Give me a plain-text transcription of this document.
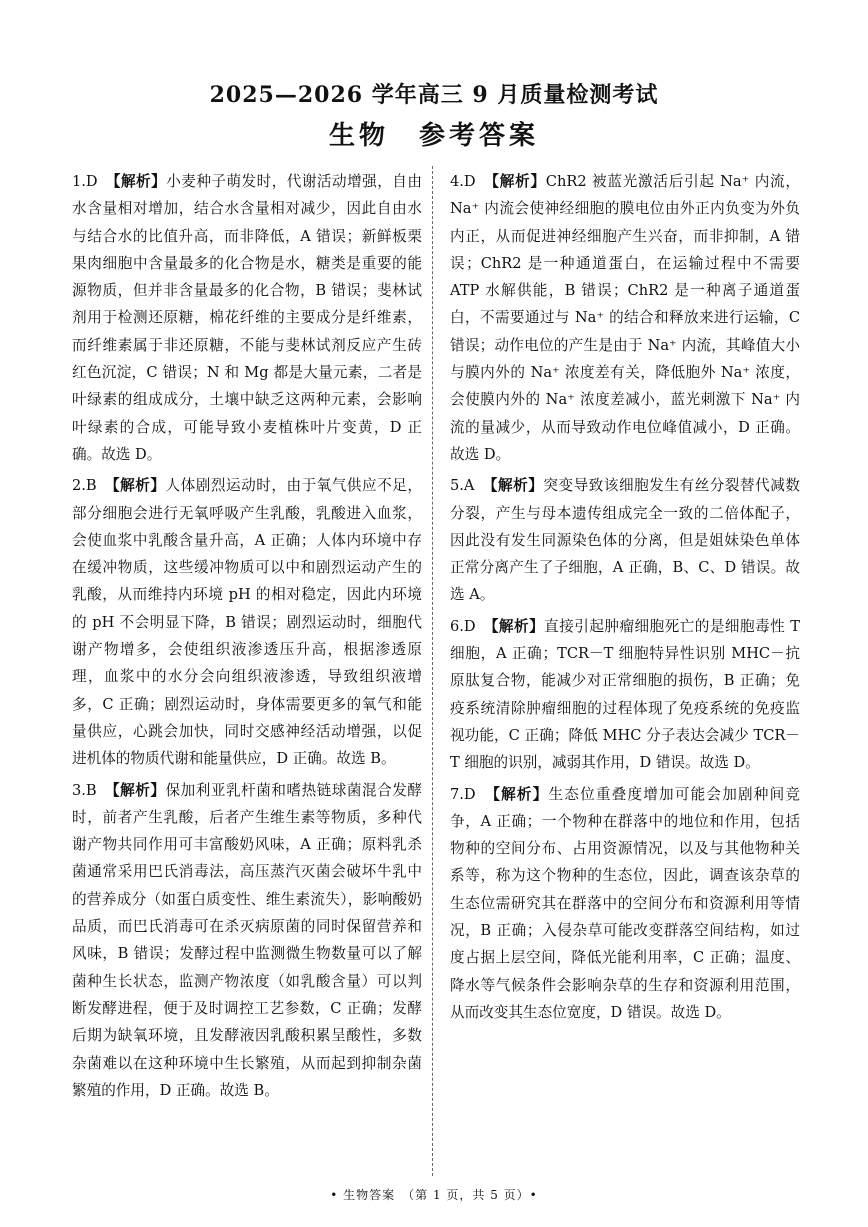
2025—2026 学年高三 9 月质量检测考试
生物　参考答案

1.D　 【解析】小麦种子萌发时，代谢活动增强，自由水含量相对增加，结合水含量相对减少，因此自由水与结合水的比值升高，而非降低，A 错误；新鲜板栗果肉细胞中含量最多的化合物是水，糖类是重要的能源物质，但并非含量最多的化合物，B 错误；斐林试剂用于检测还原糖，棉花纤维的主要成分是纤维素，而纤维素属于非还原糖，不能与斐林试剂反应产生砖红色沉淀，C 错误；N 和 Mg 都是大量元素，二者是叶绿素的组成成分，土壤中缺乏这两种元素，会影响叶绿素的合成，可能导致小麦植株叶片变黄，D 正确。故选 D。

2.B　 【解析】人体剧烈运动时，由于氧气供应不足，部分细胞会进行无氧呼吸产生乳酸，乳酸进入血浆，会使血浆中乳酸含量升高，A 正确；人体内环境中存在缓冲物质，这些缓冲物质可以中和剧烈运动产生的乳酸，从而维持内环境 pH 的相对稳定，因此内环境的 pH 不会明显下降，B 错误；剧烈运动时，细胞代谢产物增多，会使组织液渗透压升高，根据渗透原理，血浆中的水分会向组织液渗透，导致组织液增多，C 正确；剧烈运动时，身体需要更多的氧气和能量供应，心跳会加快，同时交感神经活动增强，以促进机体的物质代谢和能量供应，D 正确。故选 B。

3.B　 【解析】保加利亚乳杆菌和嗜热链球菌混合发酵时，前者产生乳酸，后者产生维生素等物质，多种代谢产物共同作用可丰富酸奶风味，A 正确；原料乳杀菌通常采用巴氏消毒法，高压蒸汽灭菌会破坏牛乳中的营养成分（如蛋白质变性、维生素流失），影响酸奶品质，而巴氏消毒可在杀灭病原菌的同时保留营养和风味，B 错误；发酵过程中监测微生物数量可以了解菌种生长状态，监测产物浓度（如乳酸含量）可以判断发酵进程，便于及时调控工艺参数，C 正确；发酵后期为缺氧环境，且发酵液因乳酸积累呈酸性，多数杂菌难以在这种环境中生长繁殖，从而起到抑制杂菌繁殖的作用，D 正确。故选 B。

4.D　 【解析】ChR2 被蓝光激活后引起 Na⁺ 内流，Na⁺ 内流会使神经细胞的膜电位由外正内负变为外负内正，从而促进神经细胞产生兴奋，而非抑制，A 错误；ChR2 是一种通道蛋白，在运输过程中不需要 ATP 水解供能，B 错误；ChR2 是一种离子通道蛋白，不需要通过与 Na⁺ 的结合和释放来进行运输，C 错误；动作电位的产生是由于 Na⁺ 内流，其峰值大小与膜内外的 Na⁺ 浓度差有关，降低胞外 Na⁺ 浓度，会使膜内外的 Na⁺ 浓度差减小，蓝光刺激下 Na⁺ 内流的量减少，从而导致动作电位峰值减小，D 正确。故选 D。

5.A　 【解析】突变导致该细胞发生有丝分裂替代减数分裂，产生与母本遗传组成完全一致的二倍体配子，因此没有发生同源染色体的分离，但是姐妹染色单体正常分离产生了子细胞，A 正确，B、C、D 错误。故选 A。

6.D　 【解析】直接引起肿瘤细胞死亡的是细胞毒性 T 细胞，A 正确；TCR－T 细胞特异性识别 MHC－抗原肽复合物，能减少对正常细胞的损伤，B 正确；免疫系统清除肿瘤细胞的过程体现了免疫系统的免疫监视功能，C 正确；降低 MHC 分子表达会减少 TCR－T 细胞的识别，减弱其作用，D 错误。故选 D。

7.D　 【解析】生态位重叠度增加可能会加剧种间竞争，A 正确；一个物种在群落中的地位和作用，包括物种的空间分布、占用资源情况，以及与其他物种关系等，称为这个物种的生态位，因此，调查该杂草的生态位需研究其在群落中的空间分布和资源利用等情况，B 正确；入侵杂草可能改变群落空间结构，如过度占据上层空间，降低光能利用率，C 正确；温度、降水等气候条件会影响杂草的生存和资源利用范围，从而改变其生态位宽度，D 错误。故选 D。

• 生物答案　（第 1 页，共 5 页）•
